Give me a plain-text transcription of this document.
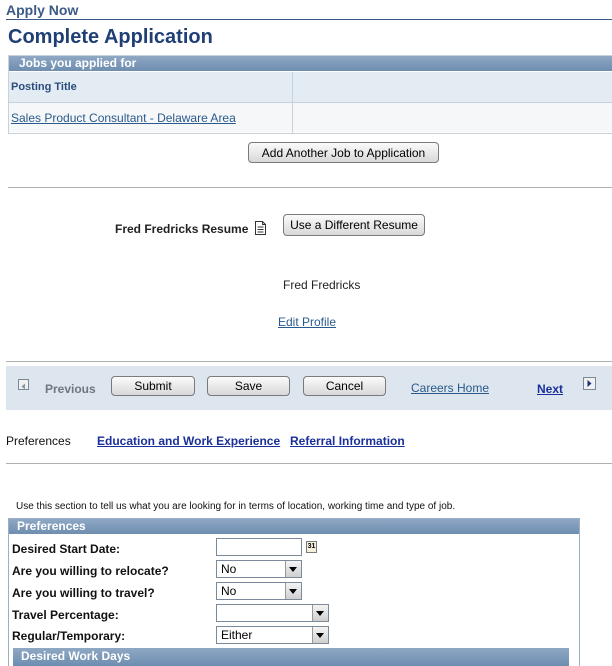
Apply Now
Complete Application
Jobs you applied for
Posting Title
Sales Product Consultant - Delaware Area
Add Another Job to Application
Fred Fredricks Resume	Use a Different Resume
Fred Fredricks
Edit Profile
Previous	Submit	Save	Cancel	Careers Home	Next
Preferences Education and Work Experience Referral Information
Use this section to tell us what you are looking for in terms of location, working time and type of job.
Preferences
Desired Start Date:	31
Are you willing to relocate?	No
Are you willing to travel?	No
Travel Percentage:
Regular/Temporary:	Either
Desired Work Days
